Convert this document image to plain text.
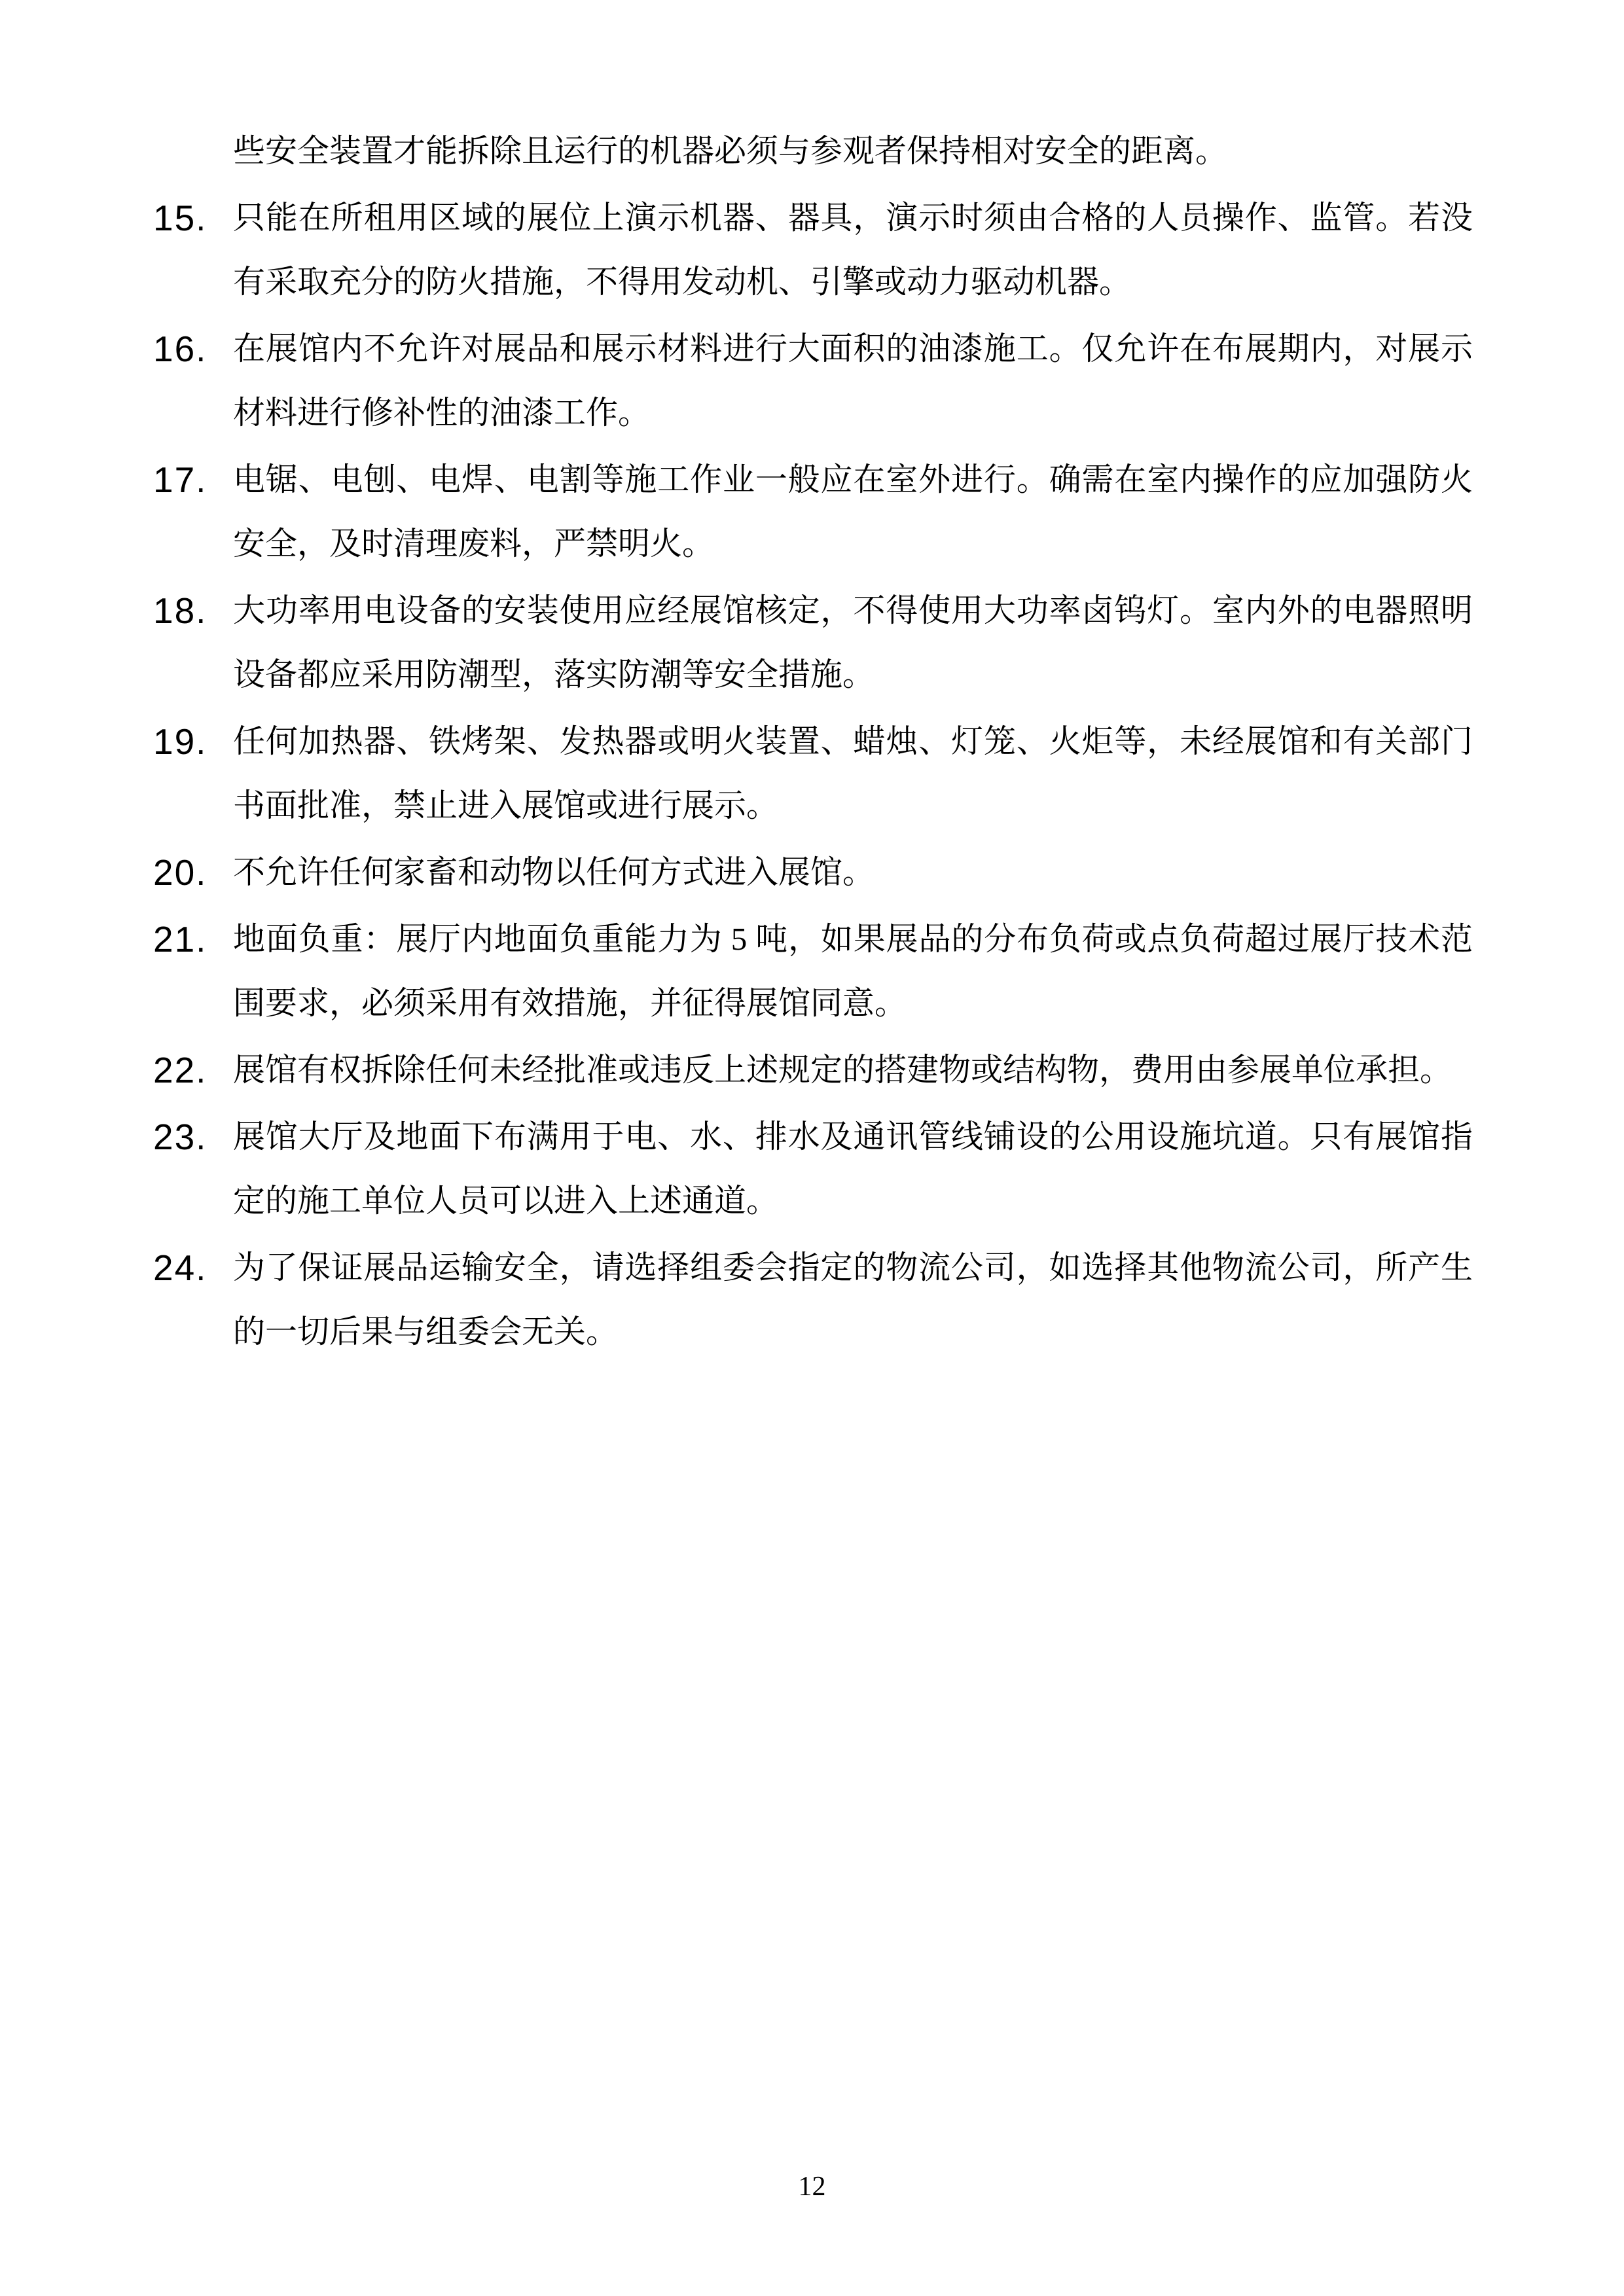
些安全装置才能拆除且运行的机器必须与参观者保持相对安全的距离。
15. 只能在所租用区域的展位上演示机器、器具，演示时须由合格的人员操作、监管。若没有采取充分的防火措施，不得用发动机、引擎或动力驱动机器。
16. 在展馆内不允许对展品和展示材料进行大面积的油漆施工。仅允许在布展期内，对展示材料进行修补性的油漆工作。
17. 电锯、电刨、电焊、电割等施工作业一般应在室外进行。确需在室内操作的应加强防火安全，及时清理废料，严禁明火。
18. 大功率用电设备的安装使用应经展馆核定，不得使用大功率卤钨灯。室内外的电器照明设备都应采用防潮型，落实防潮等安全措施。
19. 任何加热器、铁烤架、发热器或明火装置、蜡烛、灯笼、火炬等，未经展馆和有关部门书面批准，禁止进入展馆或进行展示。
20. 不允许任何家畜和动物以任何方式进入展馆。
21. 地面负重：展厅内地面负重能力为 5 吨，如果展品的分布负荷或点负荷超过展厅技术范围要求，必须采用有效措施，并征得展馆同意。
22. 展馆有权拆除任何未经批准或违反上述规定的搭建物或结构物，费用由参展单位承担。
23. 展馆大厅及地面下布满用于电、水、排水及通讯管线铺设的公用设施坑道。只有展馆指定的施工单位人员可以进入上述通道。
24. 为了保证展品运输安全，请选择组委会指定的物流公司，如选择其他物流公司，所产生的一切后果与组委会无关。
12
